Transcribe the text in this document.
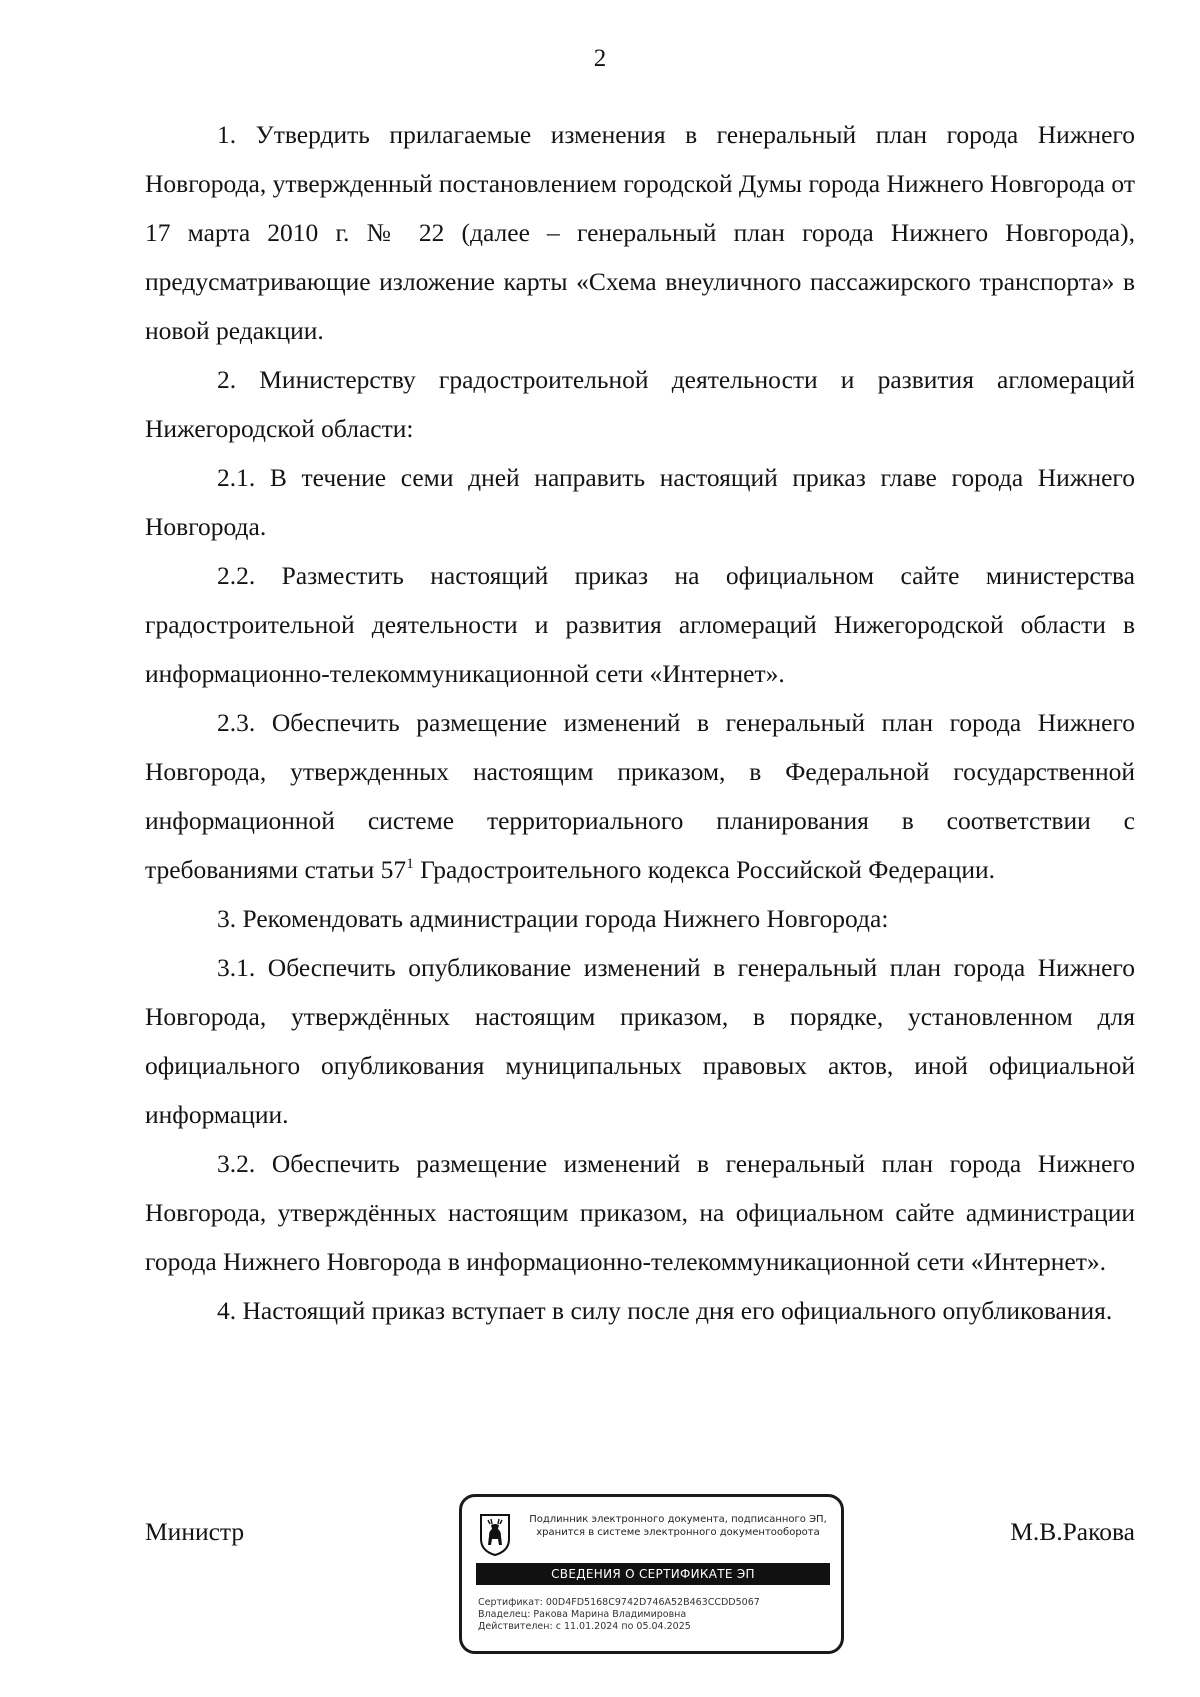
2

1. Утвердить прилагаемые изменения в генеральный план города Нижнего Новгорода, утвержденный постановлением городской Думы города Нижнего Новгорода от 17 марта 2010 г. № 22 (далее – генеральный план города Нижнего Новгорода), предусматривающие изложение карты «Схема внеуличного пассажирского транспорта» в новой редакции.

2. Министерству градостроительной деятельности и развития агломераций Нижегородской области:

2.1. В течение семи дней направить настоящий приказ главе города Нижнего Новгорода.

2.2. Разместить настоящий приказ на официальном сайте министерства градостроительной деятельности и развития агломераций Нижегородской области в информационно-телекоммуникационной сети «Интернет».

2.3. Обеспечить размещение изменений в генеральный план города Нижнего Новгорода, утвержденных настоящим приказом, в Федеральной государственной информационной системе территориального планирования в соответствии с требованиями статьи $57^1$ Градостроительного кодекса Российской Федерации.

3. Рекомендовать администрации города Нижнего Новгорода:

3.1. Обеспечить опубликование изменений в генеральный план города Нижнего Новгорода, утверждённых настоящим приказом, в порядке, установленном для официального опубликования муниципальных правовых актов, иной официальной информации.

3.2. Обеспечить размещение изменений в генеральный план города Нижнего Новгорода, утверждённых настоящим приказом, на официальном сайте администрации города Нижнего Новгорода в информационно-телекоммуникационной сети «Интернет».

4. Настоящий приказ вступает в силу после дня его официального опубликования.

Министр	М.В.Ракова
Подлинник электронного документа, подписанного ЭП,
хранится в системе электронного документооборота
СВЕДЕНИЯ О СЕРТИФИКАТЕ ЭП
Сертификат: 00D4FD5168C9742D746A52B463CCDD5067
Владелец: Ракова Марина Владимировна
Действителен: с 11.01.2024 по 05.04.2025
